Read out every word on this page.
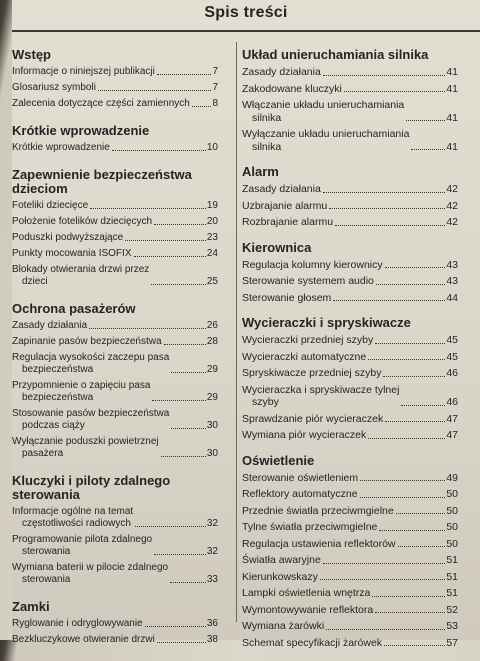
Spis treści
Wstęp
Informacje o niniejszej publikacji	7
Glosariusz symboli	7
Zalecenia dotyczące części zamiennych 8
Krótkie wprowadzenie
Krótkie wprowadzenie	10
Zapewnienie bezpieczeństwa dzieciom
Foteliki dziecięce	19
Położenie fotelików dziecięcych	20
Poduszki podwyższające	23
Punkty mocowania ISOFIX	24
Blokady otwierania drzwi przez
dzieci	25
Ochrona pasażerów
Zasady działania	26
Zapinanie pasów bezpieczeństwa	28
Regulacja wysokości zaczepu pasa
bezpieczeństwa	29
Przypomnienie o zapięciu pasa
bezpieczeństwa	29
Stosowanie pasów bezpieczeństwa
podczas ciąży	30
Wyłączanie poduszki powietrznej
pasażera	30
Kluczyki i piloty zdalnego sterowania
Informacje ogólne na temat
częstotliwości radiowych	32
Programowanie pilota zdalnego
sterowania	32
Wymiana baterii w pilocie zdalnego
sterowania	33
Zamki
Ryglowanie i odryglowywanie	36
Bezkluczykowe otwieranie drzwi	38
Układ unieruchamiania silnika
Zasady działania	41
Zakodowane kluczyki	41
Włączanie układu unieruchamiania
silnika	41
Wyłączanie układu unieruchamiania
silnika	41
Alarm
Zasady działania	42
Uzbrajanie alarmu	42
Rozbrajanie alarmu	42
Kierownica
Regulacja kolumny kierownicy	43
Sterowanie systemem audio	43
Sterowanie głosem	44
Wycieraczki i spryskiwacze
Wycieraczki przedniej szyby	45
Wycieraczki automatyczne	45
Spryskiwacze przedniej szyby	46
Wycieraczka i spryskiwacze tylnej
szyby	46
Sprawdzanie piór wycieraczek	47
Wymiana piór wycieraczek	47
Oświetlenie
Sterowanie oświetleniem	49
Reflektory automatyczne	50
Przednie światła przeciwmgielne	50
Tylne światła przeciwmgielne	50
Regulacja ustawienia reflektorów	50
Światła awaryjne	51
Kierunkowskazy	51
Lampki oświetlenia wnętrza	51
Wymontowywanie reflektora	52
Wymiana żarówki	53
Schemat specyfikacji żarówek	57
